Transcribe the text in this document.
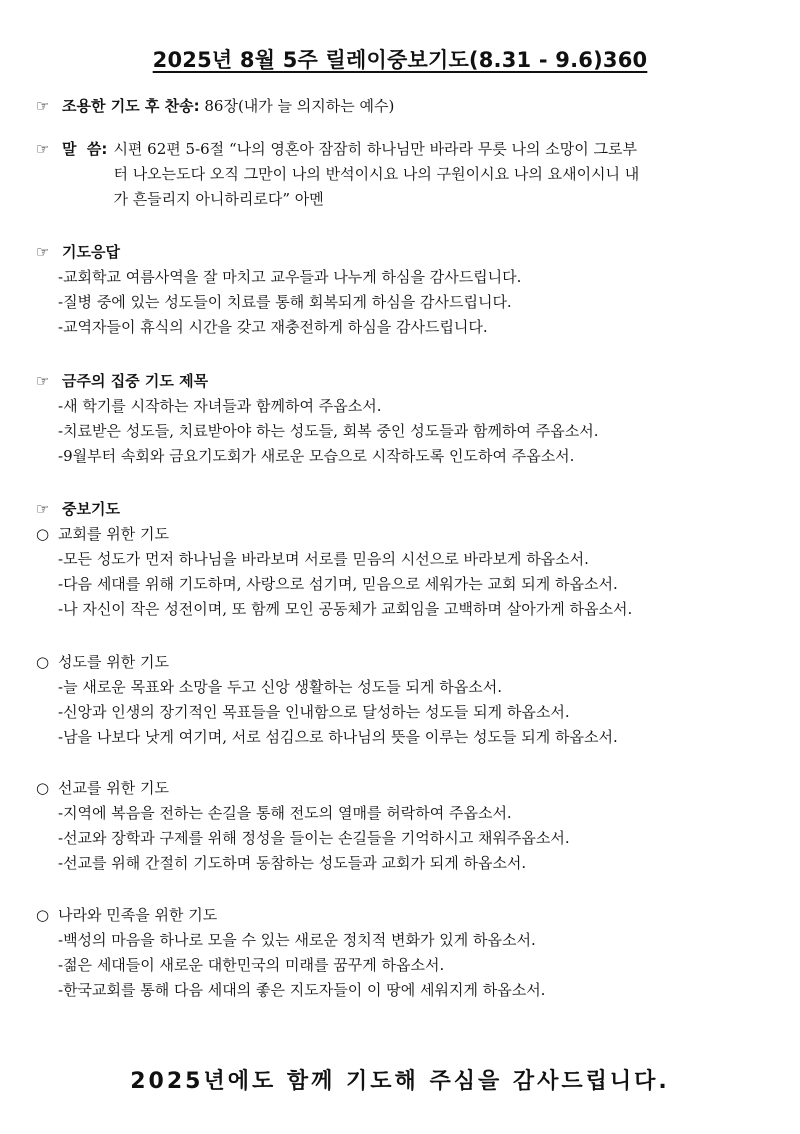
2025년 8월 5주 릴레이중보기도(8.31 - 9.6)360
☞ 조용한 기도 후 찬송:
86장(내가 늘 의지하는 예수)
☞ 말  씀: 시편 62편 5-6절 “나의 영혼아 잠잠히 하나님만 바라라 무릇 나의 소망이 그로부
터 나오는도다 오직 그만이 나의 반석이시요 나의 구원이시요 나의 요새이시니 내
가 흔들리지 아니하리로다” 아멘
☞ 기도응답
-교회학교 여름사역을 잘 마치고 교우들과 나누게 하심을 감사드립니다.
-질병 중에 있는 성도들이 치료를 통해 회복되게 하심을 감사드립니다.
-교역자들이 휴식의 시간을 갖고 재충전하게 하심을 감사드립니다.
☞ 금주의 집중 기도 제목
-새 학기를 시작하는 자녀들과 함께하여 주옵소서.
-치료받은 성도들, 치료받아야 하는 성도들, 회복 중인 성도들과 함께하여 주옵소서.
-9월부터 속회와 금요기도회가 새로운 모습으로 시작하도록 인도하여 주옵소서.
☞ 중보기도
○ 교회를 위한 기도
-모든 성도가 먼저 하나님을 바라보며 서로를 믿음의 시선으로 바라보게 하옵소서.
-다음 세대를 위해 기도하며, 사랑으로 섬기며, 믿음으로 세워가는 교회 되게 하옵소서.
-나 자신이 작은 성전이며, 또 함께 모인 공동체가 교회임을 고백하며 살아가게 하옵소서.
○ 성도를 위한 기도
-늘 새로운 목표와 소망을 두고 신앙 생활하는 성도들 되게 하옵소서.
-신앙과 인생의 장기적인 목표들을 인내함으로 달성하는 성도들 되게 하옵소서.
-남을 나보다 낫게 여기며, 서로 섬김으로 하나님의 뜻을 이루는 성도들 되게 하옵소서.
○ 선교를 위한 기도
-지역에 복음을 전하는 손길을 통해 전도의 열매를 허락하여 주옵소서.
-선교와 장학과 구제를 위해 정성을 들이는 손길들을 기억하시고 채워주옵소서.
-선교를 위해 간절히 기도하며 동참하는 성도들과 교회가 되게 하옵소서.
○ 나라와 민족을 위한 기도
-백성의 마음을 하나로 모을 수 있는 새로운 정치적 변화가 있게 하옵소서.
-젊은 세대들이 새로운 대한민국의 미래를 꿈꾸게 하옵소서.
-한국교회를 통해 다음 세대의 좋은 지도자들이 이 땅에 세워지게 하옵소서.
2025년에도 함께 기도해 주심을 감사드립니다.
